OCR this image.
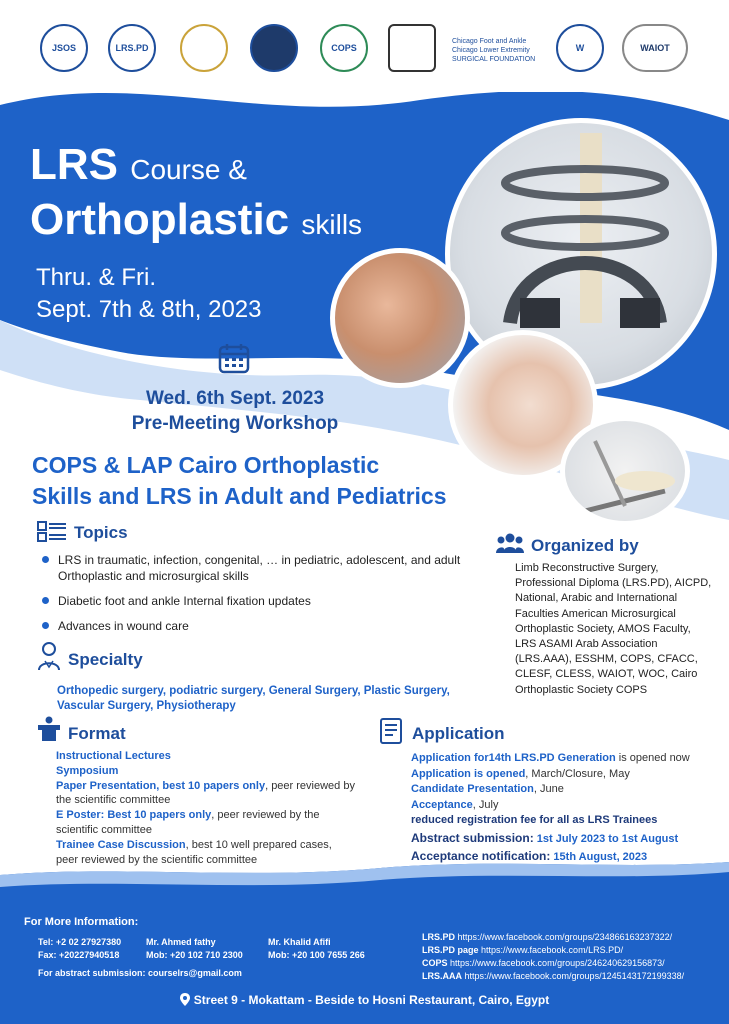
JSOS	LRS.PD	COPS
Chicago Foot and Ankle
Chicago Lower Extremity
SURGICAL FOUNDATION
W	WAIOT
LRS Course &
Orthoplastic skills
Thru. & Fri.
Sept. 7th & 8th, 2023
Wed. 6th Sept. 2023
Pre-Meeting Workshop
COPS & LAP Cairo Orthoplastic
Skills and LRS in Adult and Pediatrics
Topics
LRS in traumatic, infection, congenital, … in pediatric, adolescent, and adult Orthoplastic and microsurgical skills
Diabetic foot and ankle Internal fixation updates
Advances in wound care
Specialty
Orthopedic surgery, podiatric surgery, General Surgery, Plastic Surgery, Vascular Surgery, Physiotherapy
Organized by
Limb Reconstructive Surgery, Professional Diploma (LRS.PD), AICPD, National, Arabic and International Faculties American Microsurgical Orthoplastic Society, AMOS Faculty, LRS ASAMI Arab Association (LRS.AAA), ESSHM, COPS, CFACC, CLESF, CLESS, WAIOT, WOC, Cairo Orthoplastic Society COPS
Format
Instructional Lectures
Symposium
Paper Presentation, best 10 papers only, peer reviewed by the scientific committee
E Poster: Best 10 papers only, peer reviewed by the scientific committee
Trainee Case Discussion, best 10 well prepared cases, peer reviewed by the scientific committee
Application
Application for14th LRS.PD Generation is opened now
Application is opened, March/Closure, May
Candidate Presentation, June
Acceptance, July
reduced registration fee for all as LRS Trainees
Abstract submission: 1st July 2023 to 1st August
Acceptance notification: 15th August, 2023
For More Information:
Tel: +2 02 27927380
Fax: +20227940518
Mr. Ahmed fathy
Mob: +20 102 710 2300
Mr. Khalid Afifi
Mob: +20 100 7655 266
For abstract submission: courselrs@gmail.com
LRS.PD https://www.facebook.com/groups/234866163237322/
LRS.PD page https://www.facebook.com/LRS.PD/
COPS https://www.facebook.com/groups/246240629156873/
LRS.AAA https://www.facebook.com/groups/1245143172199338/
Street 9 - Mokattam - Beside to Hosni Restaurant, Cairo, Egypt
